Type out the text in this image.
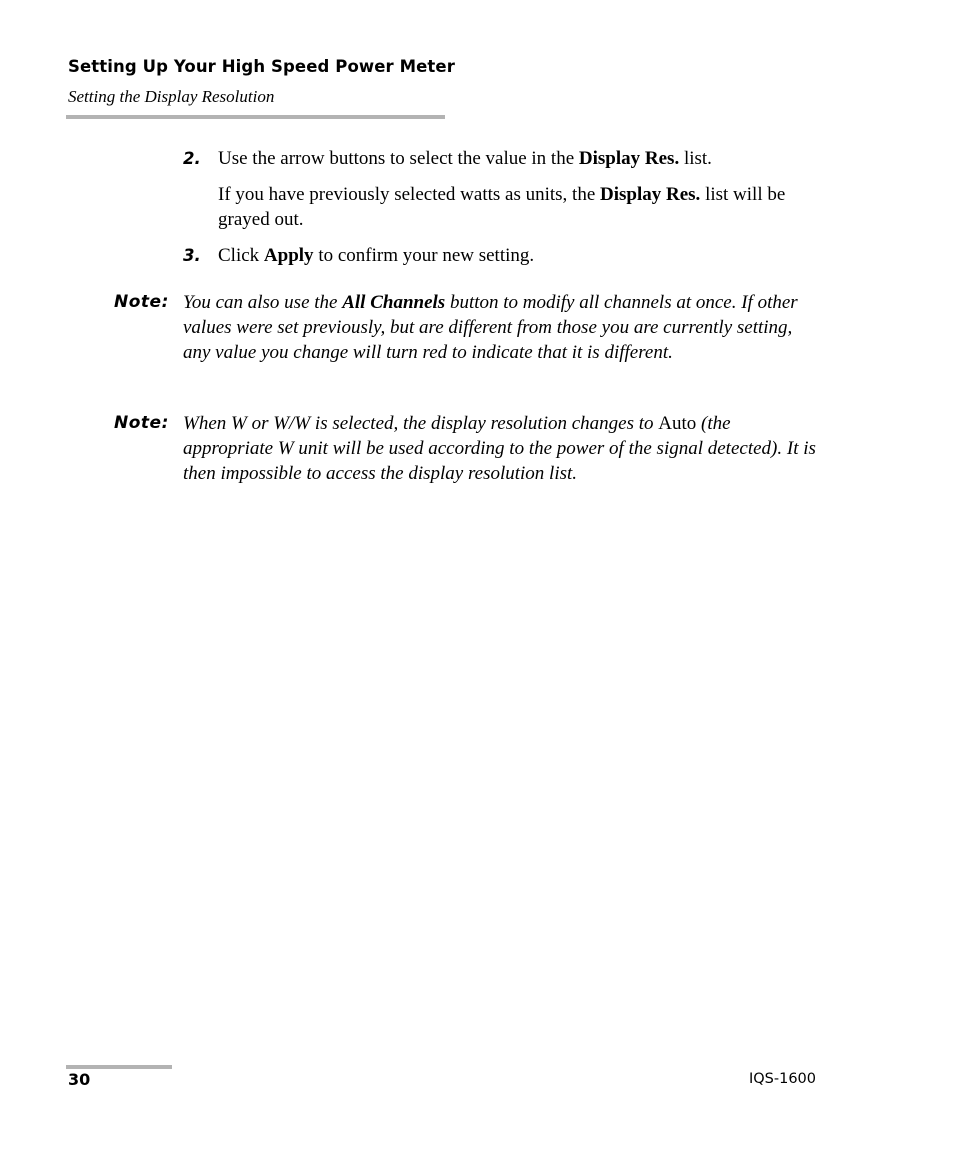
Setting Up Your High Speed Power Meter
Setting the Display Resolution
2. Use the arrow buttons to select the value in the Display Res. list.
If you have previously selected watts as units, the Display Res. list will be grayed out.
3. Click Apply to confirm your new setting.
Note: You can also use the All Channels button to modify all channels at once. If other values were set previously, but are different from those you are currently setting, any value you change will turn red to indicate that it is different.
Note: When W or W/W is selected, the display resolution changes to Auto (the appropriate W unit will be used according to the power of the signal detected). It is then impossible to access the display resolution list.
30	IQS-1600
